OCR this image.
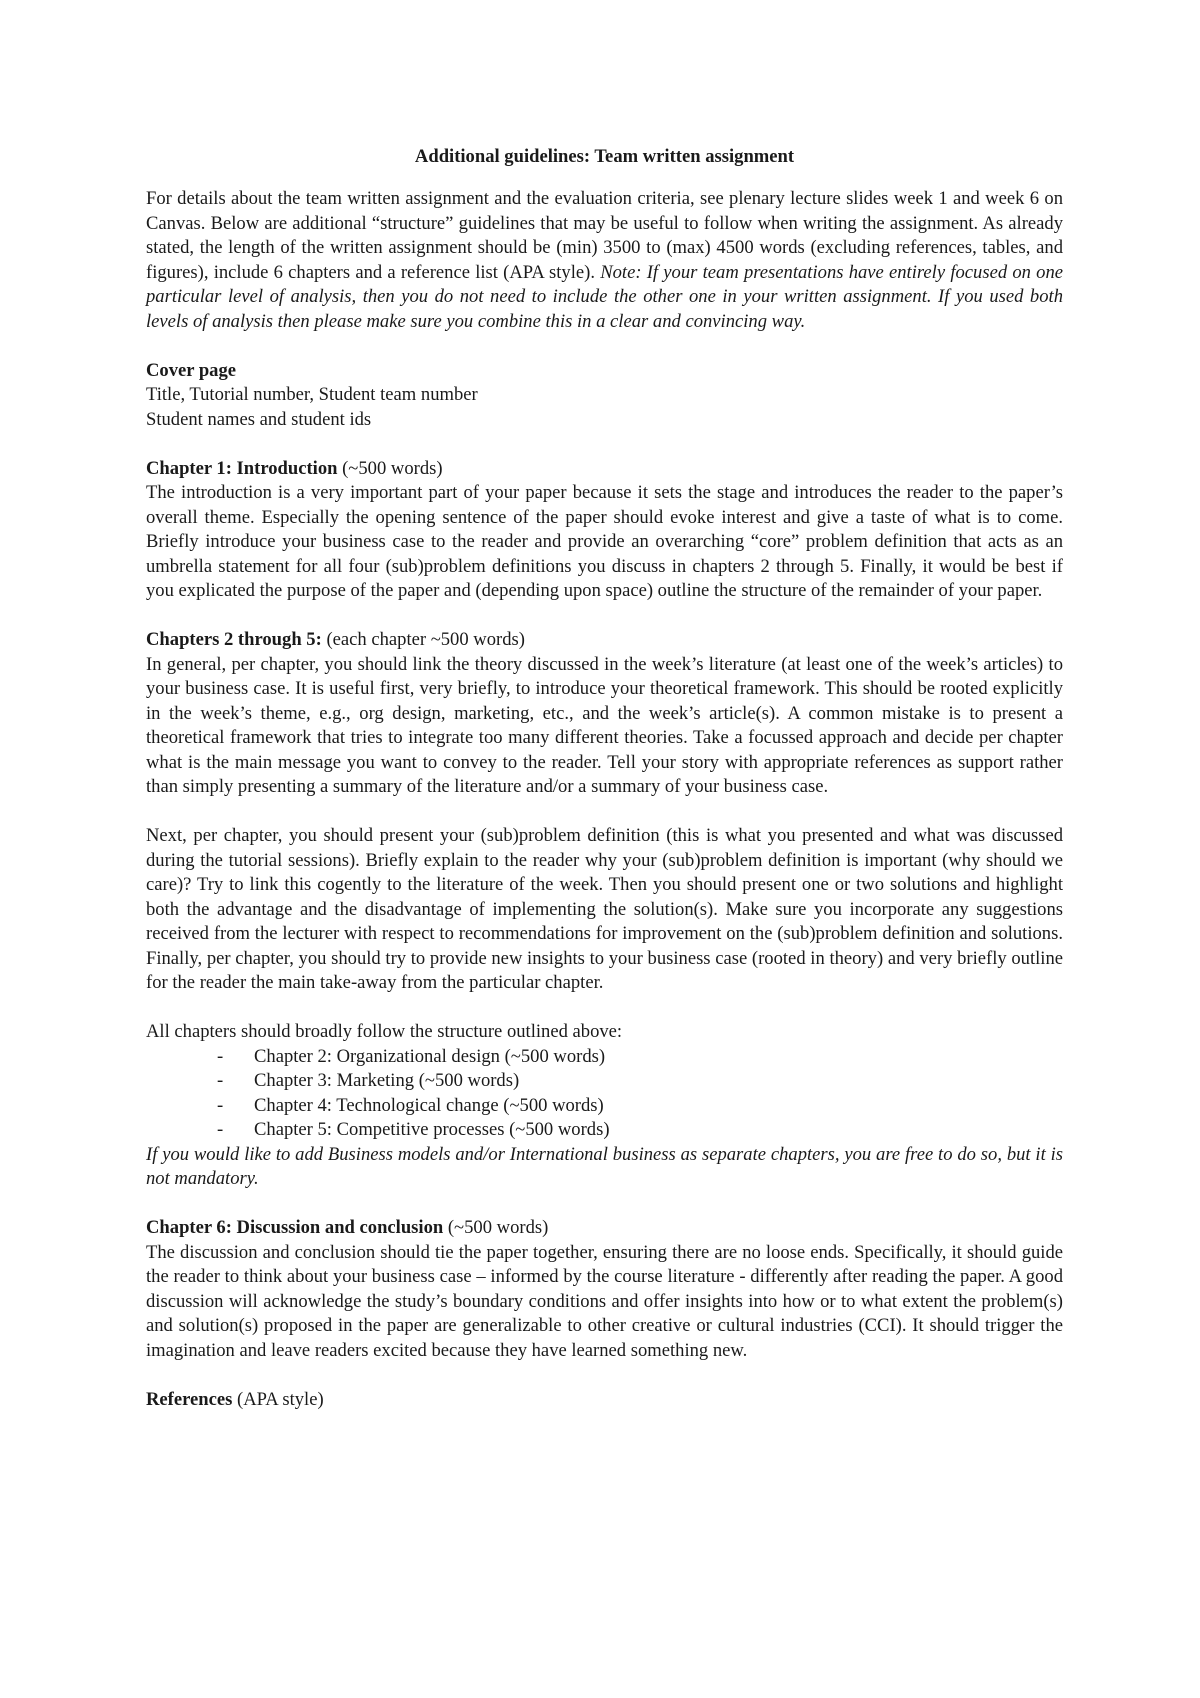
Additional guidelines: Team written assignment

For details about the team written assignment and the evaluation criteria, see plenary lecture slides week 1 and week 6 on Canvas. Below are additional “structure” guidelines that may be useful to follow when writing the assignment. As already stated, the length of the written assignment should be (min) 3500 to (max) 4500 words (excluding references, tables, and figures), include 6 chapters and a reference list (APA style). Note: If your team presentations have entirely focused on one particular level of analysis, then you do not need to include the other one in your written assignment. If you used both levels of analysis then please make sure you combine this in a clear and convincing way.

Cover page
Title, Tutorial number, Student team number
Student names and student ids
Chapter 1: Introduction (~500 words)

The introduction is a very important part of your paper because it sets the stage and introduces the reader to the paper’s overall theme. Especially the opening sentence of the paper should evoke interest and give a taste of what is to come. Briefly introduce your business case to the reader and provide an overarching “core” problem definition that acts as an umbrella statement for all four (sub)problem definitions you discuss in chapters 2 through 5. Finally, it would be best if you explicated the purpose of the paper and (depending upon space) outline the structure of the remainder of your paper.

Chapters 2 through 5: (each chapter ~500 words)

In general, per chapter, you should link the theory discussed in the week’s literature (at least one of the week’s articles) to your business case. It is useful first, very briefly, to introduce your theoretical framework. This should be rooted explicitly in the week’s theme, e.g., org design, marketing, etc., and the week’s article(s). A common mistake is to present a theoretical framework that tries to integrate too many different theories. Take a focussed approach and decide per chapter what is the main message you want to convey to the reader. Tell your story with appropriate references as support rather than simply presenting a summary of the literature and/or a summary of your business case.

Next, per chapter, you should present your (sub)problem definition (this is what you presented and what was discussed during the tutorial sessions). Briefly explain to the reader why your (sub)problem definition is important (why should we care)? Try to link this cogently to the literature of the week. Then you should present one or two solutions and highlight both the advantage and the disadvantage of implementing the solution(s). Make sure you incorporate any suggestions received from the lecturer with respect to recommendations for improvement on the (sub)problem definition and solutions. Finally, per chapter, you should try to provide new insights to your business case (rooted in theory) and very briefly outline for the reader the main take-away from the particular chapter.

All chapters should broadly follow the structure outlined above:
- Chapter 2: Organizational design (~500 words)
- Chapter 3: Marketing (~500 words)
- Chapter 4: Technological change (~500 words)
- Chapter 5: Competitive processes (~500 words)

If you would like to add Business models and/or International business as separate chapters, you are free to do so, but it is not mandatory.

Chapter 6: Discussion and conclusion (~500 words)

The discussion and conclusion should tie the paper together, ensuring there are no loose ends. Specifically, it should guide the reader to think about your business case – informed by the course literature - differently after reading the paper. A good discussion will acknowledge the study’s boundary conditions and offer insights into how or to what extent the problem(s) and solution(s) proposed in the paper are generalizable to other creative or cultural industries (CCI). It should trigger the imagination and leave readers excited because they have learned something new.

References (APA style)
